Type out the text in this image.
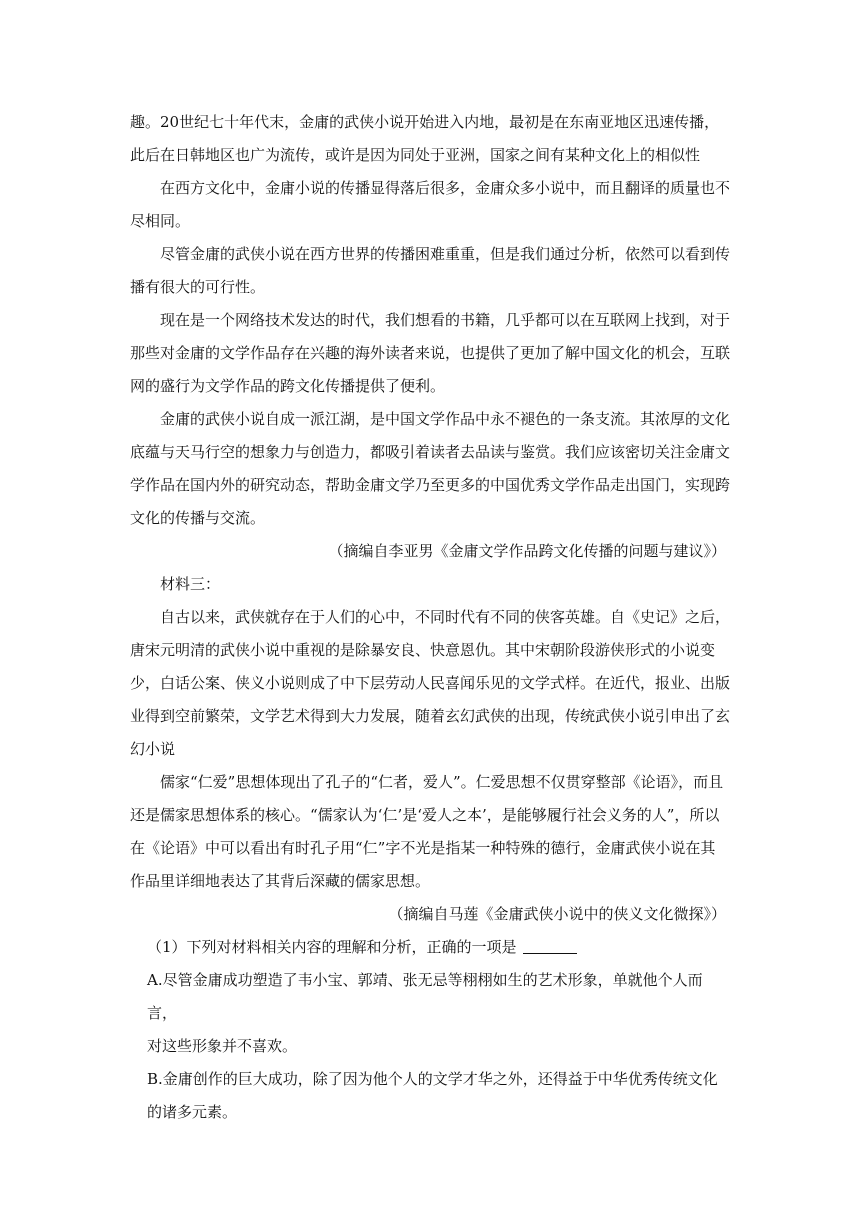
趣。20世纪七十年代末，金庸的武侠小说开始进入内地，最初是在东南亚地区迅速传播，此后在日韩地区也广为流传，或许是因为同处于亚洲，国家之间有某种文化上的相似性

在西方文化中，金庸小说的传播显得落后很多，金庸众多小说中，而且翻译的质量也不尽相同。

尽管金庸的武侠小说在西方世界的传播困难重重，但是我们通过分析，依然可以看到传播有很大的可行性。

现在是一个网络技术发达的时代，我们想看的书籍，几乎都可以在互联网上找到，对于那些对金庸的文学作品存在兴趣的海外读者来说，也提供了更加了解中国文化的机会，互联网的盛行为文学作品的跨文化传播提供了便利。

金庸的武侠小说自成一派江湖，是中国文学作品中永不褪色的一条支流。其浓厚的文化底蕴与天马行空的想象力与创造力，都吸引着读者去品读与鉴赏。我们应该密切关注金庸文学作品在国内外的研究动态，帮助金庸文学乃至更多的中国优秀文学作品走出国门，实现跨文化的传播与交流。

（摘编自李亚男《金庸文学作品跨文化传播的问题与建议》）

材料三：

自古以来，武侠就存在于人们的心中，不同时代有不同的侠客英雄。自《史记》之后，唐宋元明清的武侠小说中重视的是除暴安良、快意恩仇。其中宋朝阶段游侠形式的小说变少，白话公案、侠义小说则成了中下层劳动人民喜闻乐见的文学式样。在近代，报业、出版业得到空前繁荣，文学艺术得到大力发展，随着玄幻武侠的出现，传统武侠小说引申出了玄幻小说

儒家“仁爱”思想体现出了孔子的“仁者，爱人”。仁爱思想不仅贯穿整部《论语》，而且还是儒家思想体系的核心。“儒家认为‘仁’是‘爱人之本’，是能够履行社会义务的人”，所以在《论语》中可以看出有时孔子用“仁”字不光是指某一种特殊的德行，金庸武侠小说在其作品里详细地表达了其背后深藏的儒家思想。

（摘编自马莲《金庸武侠小说中的侠义文化微探》）

（1）下列对材料相关内容的理解和分析，正确的一项是

A.尽管金庸成功塑造了韦小宝、郭靖、张无忌等栩栩如生的艺术形象，单就他个人而言，
对这些形象并不喜欢。

B.金庸创作的巨大成功，除了因为他个人的文学才华之外，还得益于中华优秀传统文化
的诸多元素。
